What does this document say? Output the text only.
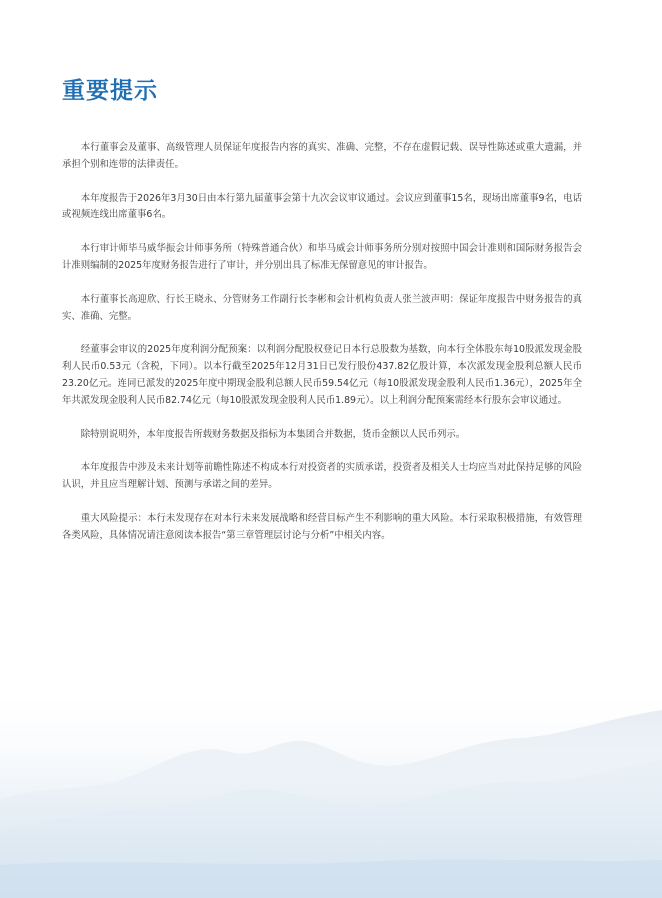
重要提示

本行董事会及董事、高级管理人员保证年度报告内容的真实、准确、完整，不存在虚假记载、误导性陈述或重大遗漏，并承担个别和连带的法律责任。

本年度报告于2026年3月30日由本行第九届董事会第十九次会议审议通过。会议应到董事15名，现场出席董事9名，电话或视频连线出席董事6名。

本行审计师毕马威华振会计师事务所（特殊普通合伙）和毕马威会计师事务所分别对按照中国会计准则和国际财务报告会计准则编制的2025年度财务报告进行了审计，并分别出具了标准无保留意见的审计报告。

本行董事长高迎欣、行长王晓永、分管财务工作副行长李彬和会计机构负责人张兰波声明：保证年度报告中财务报告的真实、准确、完整。

经董事会审议的2025年度利润分配预案：以利润分配股权登记日本行总股数为基数，向本行全体股东每10股派发现金股利人民币0.53元（含税，下同）。以本行截至2025年12月31日已发行股份437.82亿股计算，本次派发现金股利总额人民币23.20亿元。连同已派发的2025年度中期现金股利总额人民币59.54亿元（每10股派发现金股利人民币1.36元），2025年全年共派发现金股利人民币82.74亿元（每10股派发现金股利人民币1.89元）。以上利润分配预案需经本行股东会审议通过。

除特别说明外，本年度报告所载财务数据及指标为本集团合并数据，货币金额以人民币列示。

本年度报告中涉及未来计划等前瞻性陈述不构成本行对投资者的实质承诺，投资者及相关人士均应当对此保持足够的风险认识，并且应当理解计划、预测与承诺之间的差异。

重大风险提示：本行未发现存在对本行未来发展战略和经营目标产生不利影响的重大风险。本行采取积极措施，有效管理各类风险，具体情况请注意阅读本报告“第三章管理层讨论与分析”中相关内容。
